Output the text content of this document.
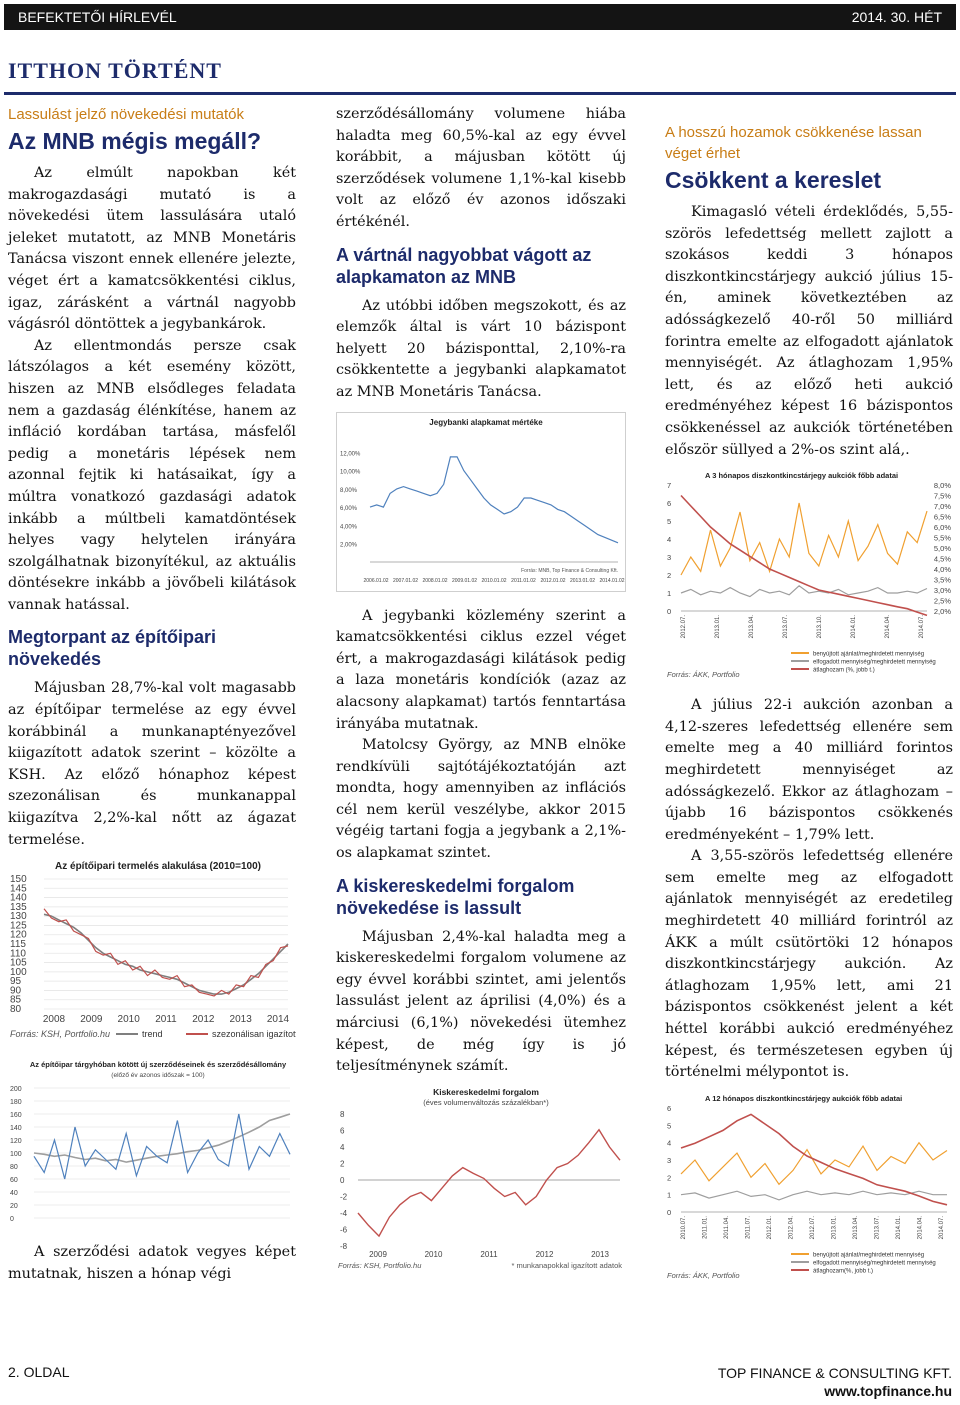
BEFEKTETŐI HÍRLEVÉL	2014. 30. HÉT
ITTHON TÖRTÉNT
Lassulást jelző növekedési mutatók
Az MNB mégis megáll?

Az elmúlt napokban két makrogazdasági mutató is a növekedési ütem lassulására utaló jeleket mutatott, az MNB Monetáris Tanácsa viszont ennek ellenére jelezte, véget ért a kamatcsökkentési ciklus, igaz, zárásként a vártnál nagyobb vágásról döntöttek a jegybankárok.

Az ellentmondás persze csak látszólagos a két esemény között, hiszen az MNB elsődleges feladata nem a gazdaság élénkítése, hanem az infláció kordában tartása, másfelől pedig a monetáris lépések nem azonnal fejtik ki hatásaikat, így a múltra vonatkozó gazdasági adatok inkább a múltbeli kamatdöntések helyes vagy helytelen irányára szolgálhatnak bizonyítékul, az aktuális döntésekre inkább a jövőbeli kilátások vannak hatással.

Megtorpant az építőipari növekedés

Májusban 28,7%-kal volt magasabb az építőipar termelése az egy évvel korábbinál a munkanaptényezővel kiigazított adatok szerint – közölte a KSH. Az előző hónaphoz képest szezonálisan és munkanappal kiigazítva 2,2%-kal nőtt az ágazat termelése.

Az építőipari termelés alakulása (2010=100)
150
145
140
135
130
125
120
115
110
105
100
95
90
85
80
2008 2009 2010 2011 2012 2013 2014
Forrás: KSH, Portfolio.hu	trend	szezonálisan igazított
Az építőipar tárgyhóban kötött új szerződéseinek és szerződésállomány
(előző év azonos időszak = 100)
200
180
160
140
120
100
80
60
40
20
0

A szerződési adatok vegyes képet mutatnak, hiszen a hónap végi

szerződésállomány volumene hiába haladta meg 60,5%-kal az egy évvel korábbit, a májusban kötött új szerződések volumene 1,1%-kal kisebb volt az előző év azonos időszaki értékénél.

A vártnál nagyobbat vágott az alapkamaton az MNB

Az utóbbi időben megszokott, és az elemzők által is várt 10 bázispont helyett 20 bázisponttal, 2,10%-ra csökkentette a jegybanki alapkamatot az MNB Monetáris Tanácsa.

Jegybanki alapkamat mértéke
12,00%
10,00%
8,00%
6,00%
4,00%
2,00%
2006.01.02 2007.01.02 2008.01.02 2009.01.02 2010.01.02 2011.01.02 2012.01.02 2013.01.02 2014.01.02
Forrás: MNB, Top Finance & Consulting Kft.

A jegybanki közlemény szerint a kamatcsökkentési ciklus ezzel véget ért, a makrogazdasági kilátások pedig a laza monetáris kondíciók (azaz az alacsony alapkamat) tartós fenntartása irányába mutatnak.

Matolcsy György, az MNB elnöke rendkívüli sajtótájékoztatóján azt mondta, hogy amennyiben az inflációs cél nem kerül veszélybe, akkor 2015 végéig tartani fogja a jegybank a 2,1%-os alapkamat szintet.

A kiskereskedelmi forgalom növekedése is lassult

Májusban 2,4%-kal haladta meg a kiskereskedelmi forgalom volumene az egy évvel korábbi szintet, ami jelentős lassulást jelent az áprilisi (4,0%) és a márciusi (6,1%) növekedési ütemhez képest, de még így is jó teljesítménynek számít.

Kiskereskedelmi forgalom
(éves volumenváltozás százalékban*)
8
6
4
2
0
-2
-4
-6
-8
2009	2010	2011	2012	2013
Forrás: KSH, Portfolio.hu	* munkanapokkal igazított adatok
A hosszú hozamok csökkenése lassan véget érhet
Csökkent a kereslet

Kimagasló vételi érdeklődés, 5,55-szörös lefedettség mellett zajlott a szokásos keddi 3 hónapos diszkontkincstárjegy aukció július 15-én, aminek következtében az adósságkezelő 40-ről 50 milliárd forintra emelte az elfogadott ajánlatok mennyiségét. Az átlaghozam 1,95% lett, és az előző heti aukció eredményéhez képest 16 bázispontos csökkenéssel az aukciók történetében először süllyed a 2%-os szint alá,.

A 3 hónapos diszkontkincstárjegy aukciók főbb adatai
7
6
5
4
3
2
1
0
8,0%
7,5%
7,0%
6,5%
6,0%
5,5%
5,0%
4,5%
4,0%
3,5%
3,0%
2,5%
2,0%
2012.07.	2013.01.	2013.04.	2013.07.	2013.10.	2014.01.	2014.04.	2014.07.
benyújtott ajánlat/meghirdetett mennyiség
elfogadott mennyiség/meghirdetett mennyiség
átlaghozam (%, jobb t.)
Forrás: ÁKK, Portfolio

A július 22-i aukción azonban a 4,12-szeres lefedettség ellenére sem emelte meg a 40 milliárd forintos meghirdetett mennyiséget az adósságkezelő. Ekkor az átlaghozam – újabb 16 bázispontos csökkenés eredményeként – 1,79% lett.

A 3,55-szörös lefedettség ellenére sem emelte meg az elfogadott ajánlatok mennyiségét az eredetileg meghirdetett 40 milliárd forintról az ÁKK a múlt csütörtöki 12 hónapos diszkontkincstárjegy aukción. Az átlaghozam 1,95% lett, ami 21 bázispontos csökkenést jelent a két héttel korábbi aukció eredményéhez képest, és természetesen egyben új történelmi mélypontot is.

A 12 hónapos diszkontkincstárjegy aukciók főbb adatai
6
5
4
3
2
1
0
2010.07.	2011.01.	2011.04.	2011.07.	2012.01.	2012.04.	2012.07.	2013.01.	2013.04.	2013.07.	2014.01.	2014.04.	2014.07.
benyújtott ajánlat/meghirdetett mennyiség
elfogadott mennyiség/meghirdetett mennyiség
átlaghozam(%, jobb t.)
Forrás: ÁKK, Portfolio
2. OLDAL	TOP FINANCE & CONSULTING KFT.
www.topfinance.hu
